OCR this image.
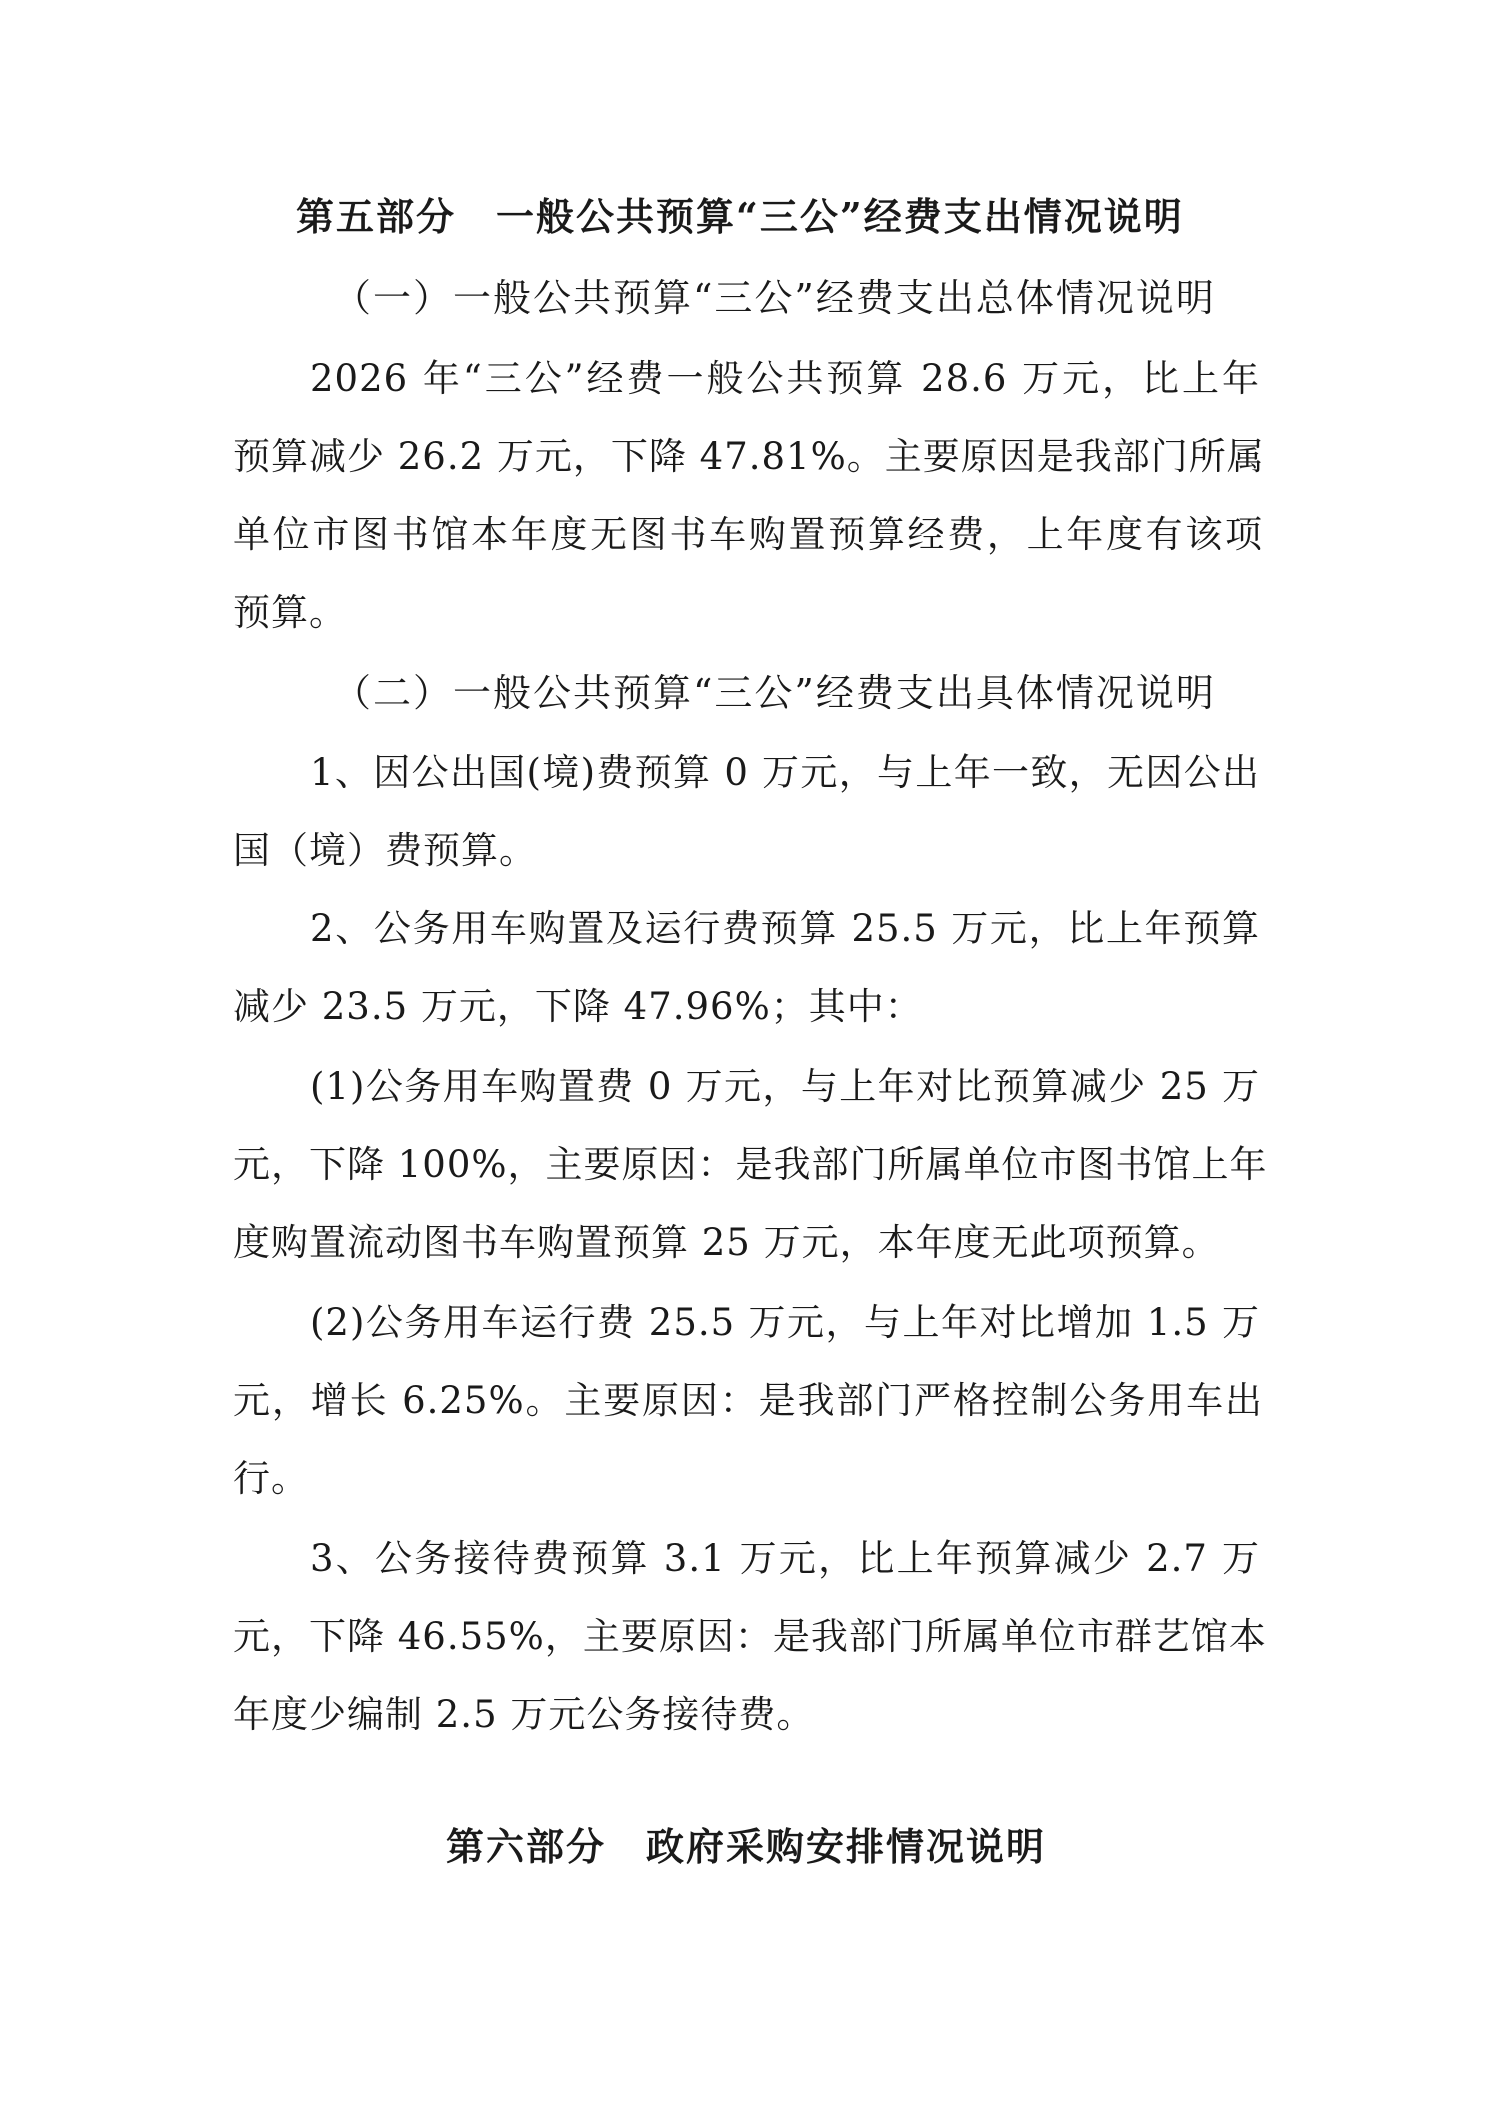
第五部分 一般公共预算“三公”经费支出情况说明
（一）一般公共预算“三公”经费支出总体情况说明
2026 年“三公”经费一般公共预算 28.6 万元，比上年
预算减少 26.2 万元，下降 47.81%。主要原因是我部门所属
单位市图书馆本年度无图书车购置预算经费，上年度有该项
预算。
（二）一般公共预算“三公”经费支出具体情况说明
1、因公出国(境)费预算 0 万元，与上年一致，无因公出
国（境）费预算。
2、公务用车购置及运行费预算 25.5 万元，比上年预算
减少 23.5 万元，下降 47.96%；其中：
(1)公务用车购置费 0 万元，与上年对比预算减少 25 万
元，下降 100%，主要原因：是我部门所属单位市图书馆上年
度购置流动图书车购置预算 25 万元，本年度无此项预算。
(2)公务用车运行费 25.5 万元，与上年对比增加 1.5 万
元，增长 6.25%。主要原因：是我部门严格控制公务用车出
行。
3、公务接待费预算 3.1 万元，比上年预算减少 2.7 万
元，下降 46.55%，主要原因：是我部门所属单位市群艺馆本
年度少编制 2.5 万元公务接待费。
第六部分 政府采购安排情况说明
